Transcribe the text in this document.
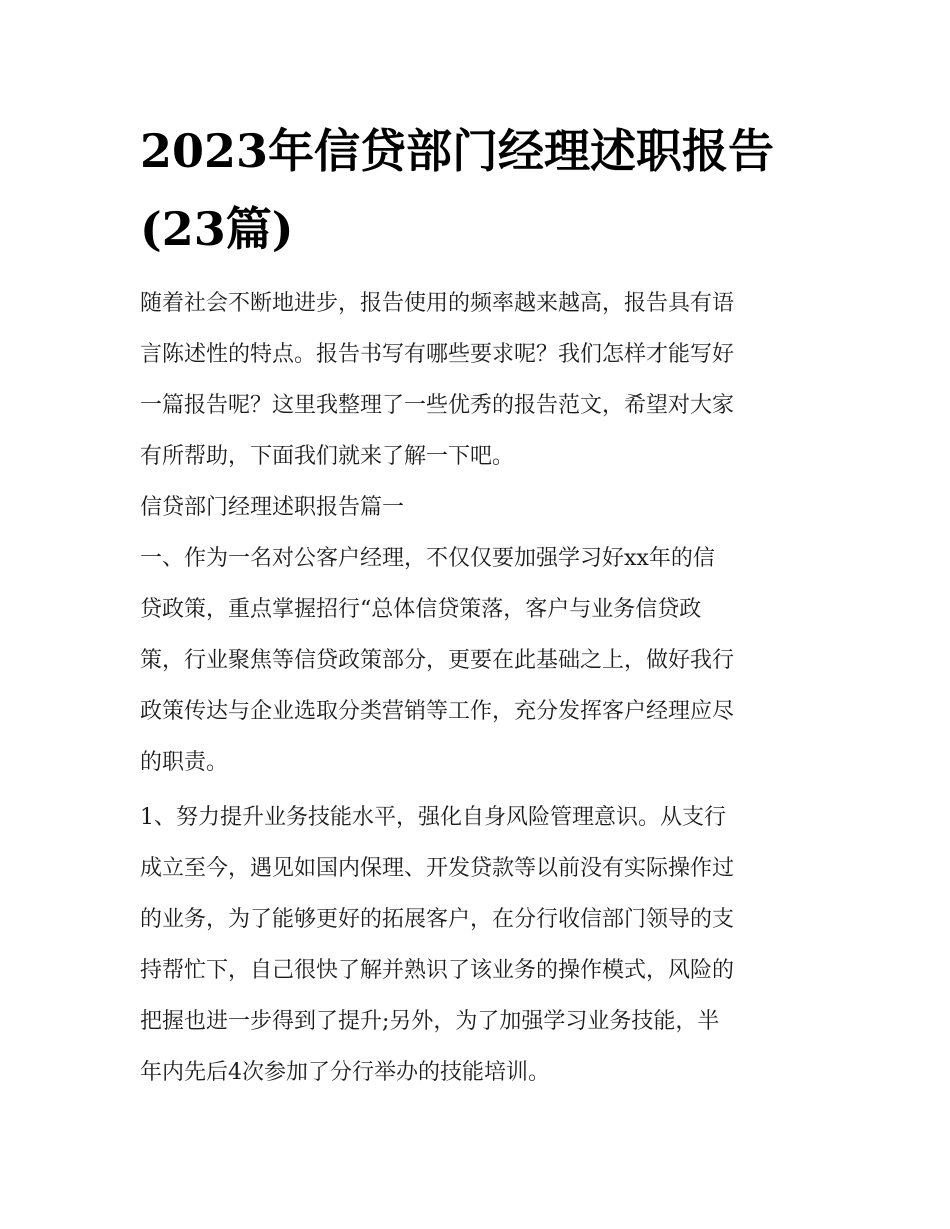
2023年信贷部门经理述职报告
(23篇)
随着社会不断地进步，报告使用的频率越来越高，报告具有语
言陈述性的特点。报告书写有哪些要求呢？我们怎样才能写好
一篇报告呢？这里我整理了一些优秀的报告范文，希望对大家
有所帮助，下面我们就来了解一下吧。
信贷部门经理述职报告篇一
一、作为一名对公客户经理，不仅仅要加强学习好xx年的信
贷政策，重点掌握招行“总体信贷策落，客户与业务信贷政
策，行业聚焦等信贷政策部分，更要在此基础之上，做好我行
政策传达与企业选取分类营销等工作，充分发挥客户经理应尽
的职责。
1、努力提升业务技能水平，强化自身风险管理意识。从支行
成立至今，遇见如国内保理、开发贷款等以前没有实际操作过
的业务，为了能够更好的拓展客户，在分行收信部门领导的支
持帮忙下，自己很快了解并熟识了该业务的操作模式，风险的
把握也进一步得到了提升;另外，为了加强学习业务技能，半
年内先后4次参加了分行举办的技能培训。
